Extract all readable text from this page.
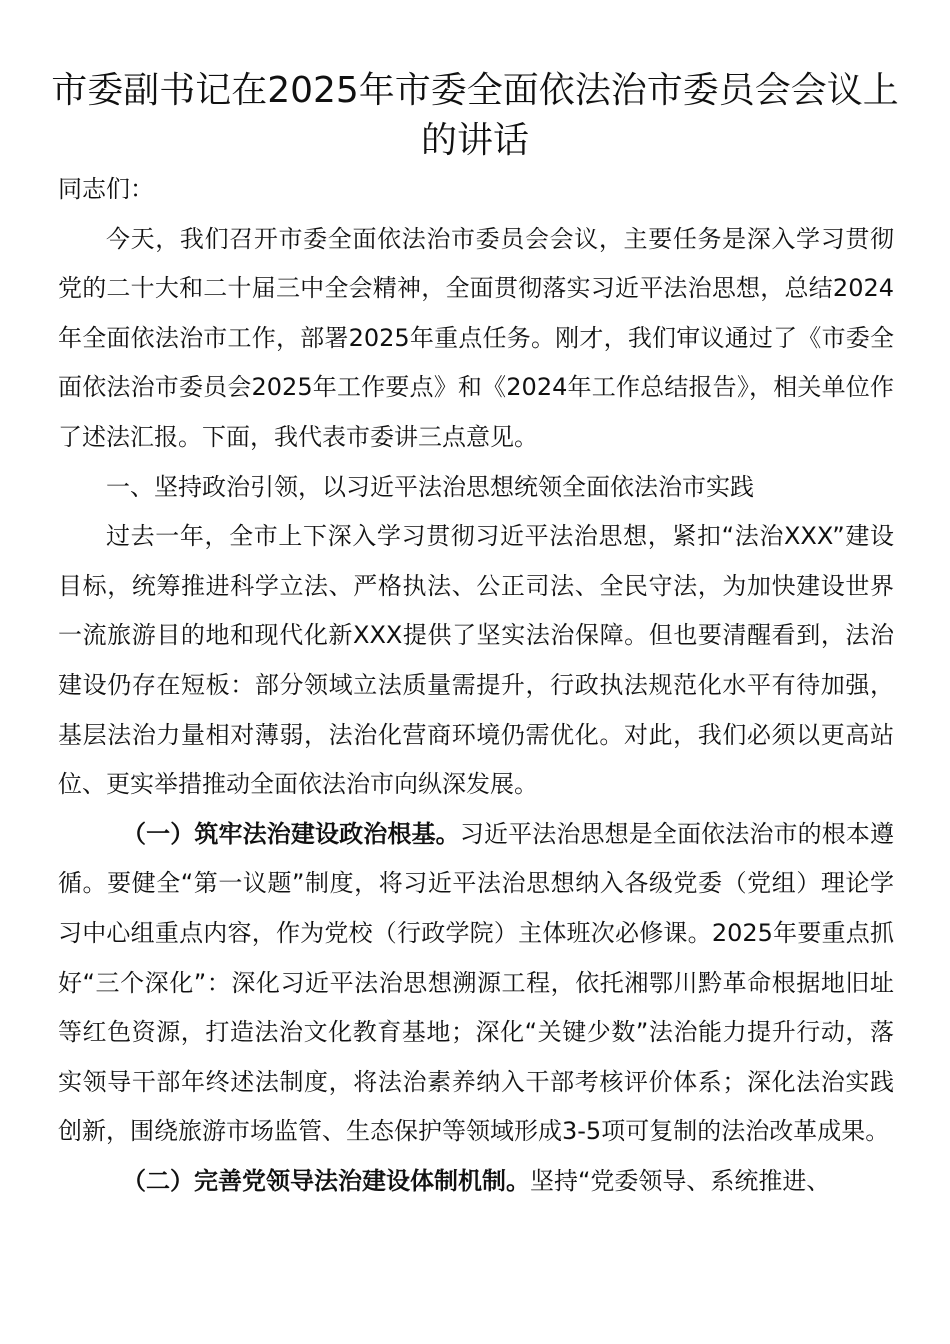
市委副书记在2025年市委全面依法治市委员会会议上的讲话

同志们：

今天，我们召开市委全面依法治市委员会会议，主要任务是深入学习贯彻党的二十大和二十届三中全会精神，全面贯彻落实习近平法治思想，总结2024年全面依法治市工作，部署2025年重点任务。刚才，我们审议通过了《市委全面依法治市委员会2025年工作要点》和《2024年工作总结报告》，相关单位作了述法汇报。下面，我代表市委讲三点意见。

一、坚持政治引领，以习近平法治思想统领全面依法治市实践

过去一年，全市上下深入学习贯彻习近平法治思想，紧扣“法治XXX”建设目标，统筹推进科学立法、严格执法、公正司法、全民守法，为加快建设世界一流旅游目的地和现代化新XXX提供了坚实法治保障。但也要清醒看到，法治建设仍存在短板：部分领域立法质量需提升，行政执法规范化水平有待加强，基层法治力量相对薄弱，法治化营商环境仍需优化。对此，我们必须以更高站位、更实举措推动全面依法治市向纵深发展。

（一）筑牢法治建设政治根基。习近平法治思想是全面依法治市的根本遵循。要健全“第一议题”制度，将习近平法治思想纳入各级党委（党组）理论学习中心组重点内容，作为党校（行政学院）主体班次必修课。2025年要重点抓好“三个深化”：深化习近平法治思想溯源工程，依托湘鄂川黔革命根据地旧址等红色资源，打造法治文化教育基地；深化“关键少数”法治能力提升行动，落实领导干部年终述法制度，将法治素养纳入干部考核评价体系；深化法治实践创新，围绕旅游市场监管、生态保护等领域形成3-5项可复制的法治改革成果。

（二）完善党领导法治建设体制机制。坚持“党委领导、系统推进、
